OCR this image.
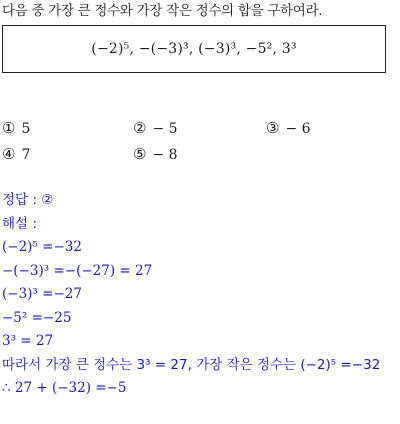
다음 중 가장 큰 정수와 가장 작은 정수의 합을 구하여라.
(−2)⁵, −(−3)³, (−3)³, −5², 3³
① 5	② − 5	③ − 6
④ 7	⑤ − 8
정답 : ②
해설 :
(−2)⁵ =−32
−(−3)³ =−(−27) = 27
(−3)³ =−27
−5² =−25
3³ = 27
따라서 가장 큰 정수는 3³ = 27, 가장 작은 정수는 (−2)⁵ =−32
∴ 27 + (−32) =−5
